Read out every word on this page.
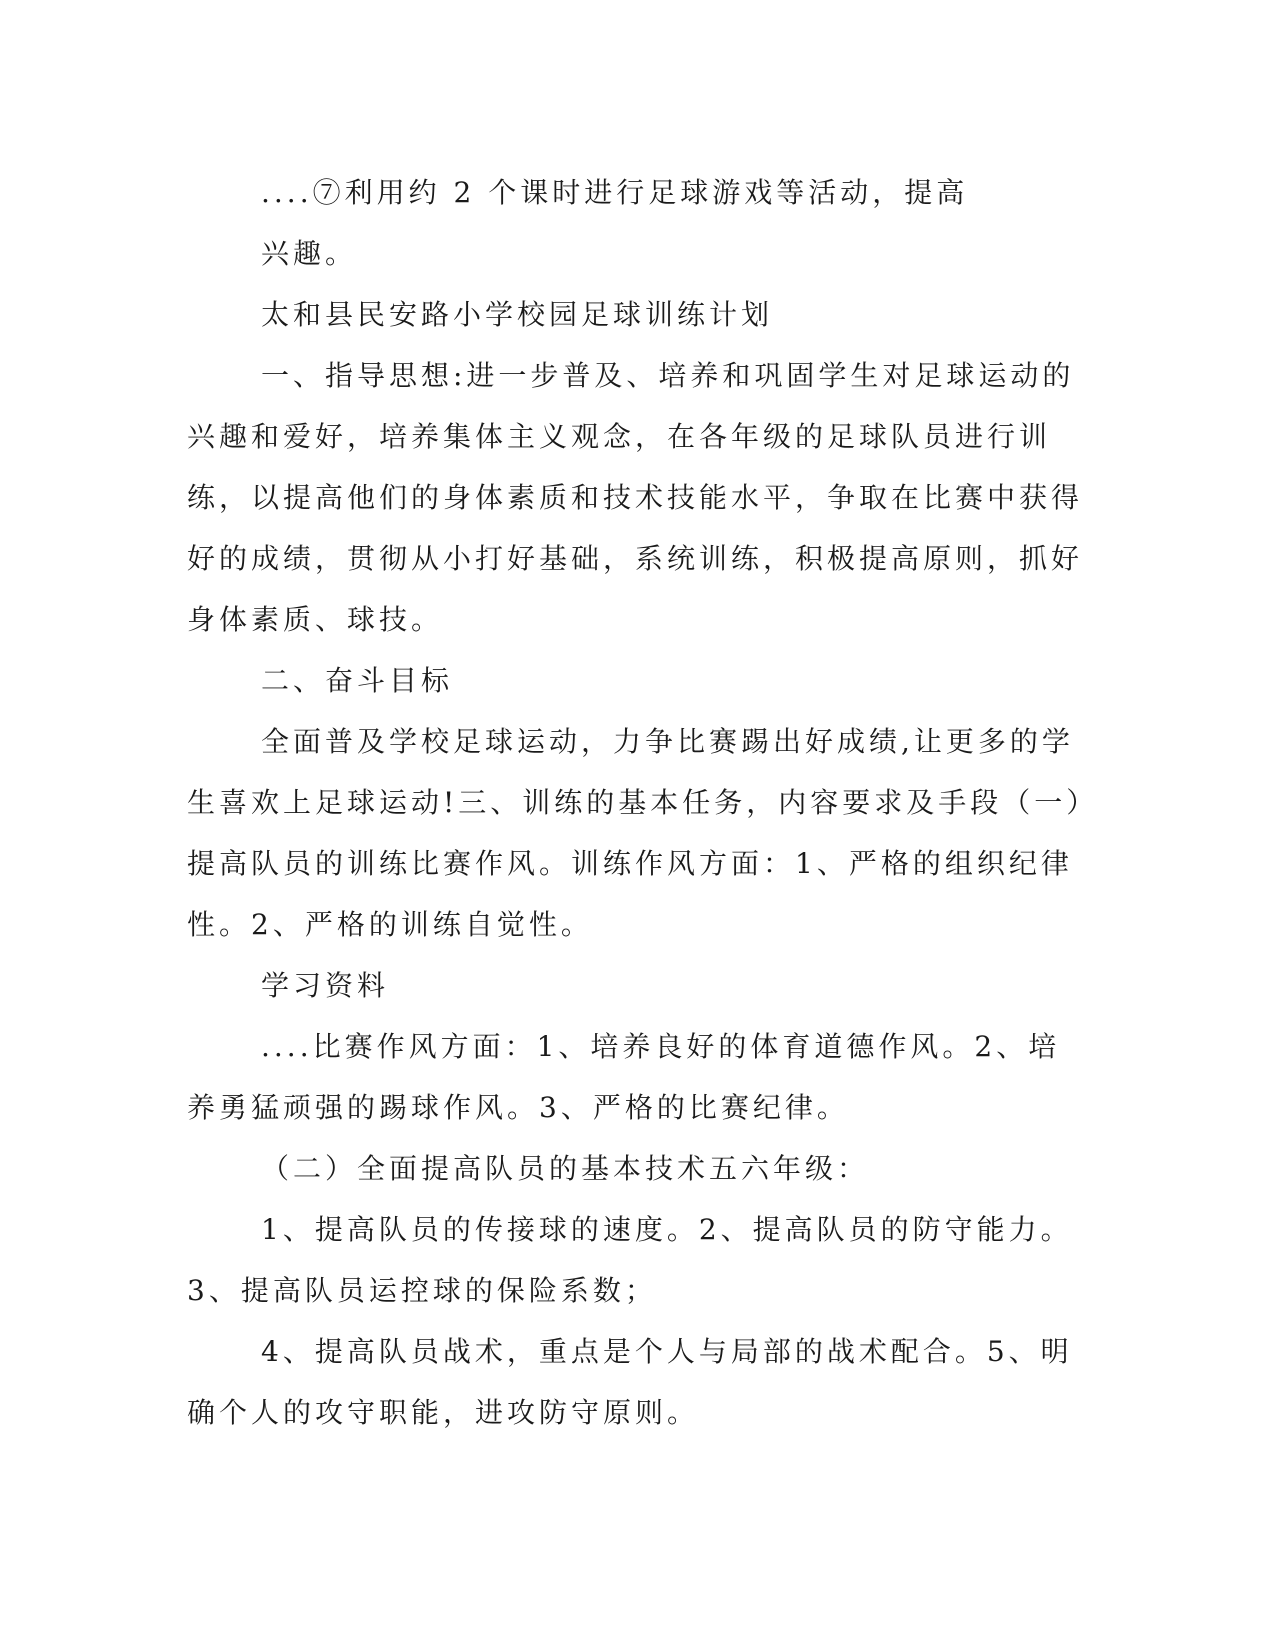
....⑦利用约 2 个课时进行足球游戏等活动，提高

兴趣。

太和县民安路小学校园足球训练计划

一、指导思想:进一步普及、培养和巩固学生对足球运动的兴趣和爱好，培养集体主义观念，在各年级的足球队员进行训练，以提高他们的身体素质和技术技能水平，争取在比赛中获得好的成绩，贯彻从小打好基础，系统训练，积极提高原则，抓好身体素质、球技。

二、奋斗目标

全面普及学校足球运动，力争比赛踢出好成绩,让更多的学生喜欢上足球运动!三、训练的基本任务，内容要求及手段（一）提高队员的训练比赛作风。训练作风方面：1、严格的组织纪律性。2、严格的训练自觉性。

学习资料

....比赛作风方面：1、培养良好的体育道德作风。2、培养勇猛顽强的踢球作风。3、严格的比赛纪律。

（二）全面提高队员的基本技术五六年级：

1、提高队员的传接球的速度。2、提高队员的防守能力。3、提高队员运控球的保险系数；

4、提高队员战术，重点是个人与局部的战术配合。5、明确个人的攻守职能，进攻防守原则。
